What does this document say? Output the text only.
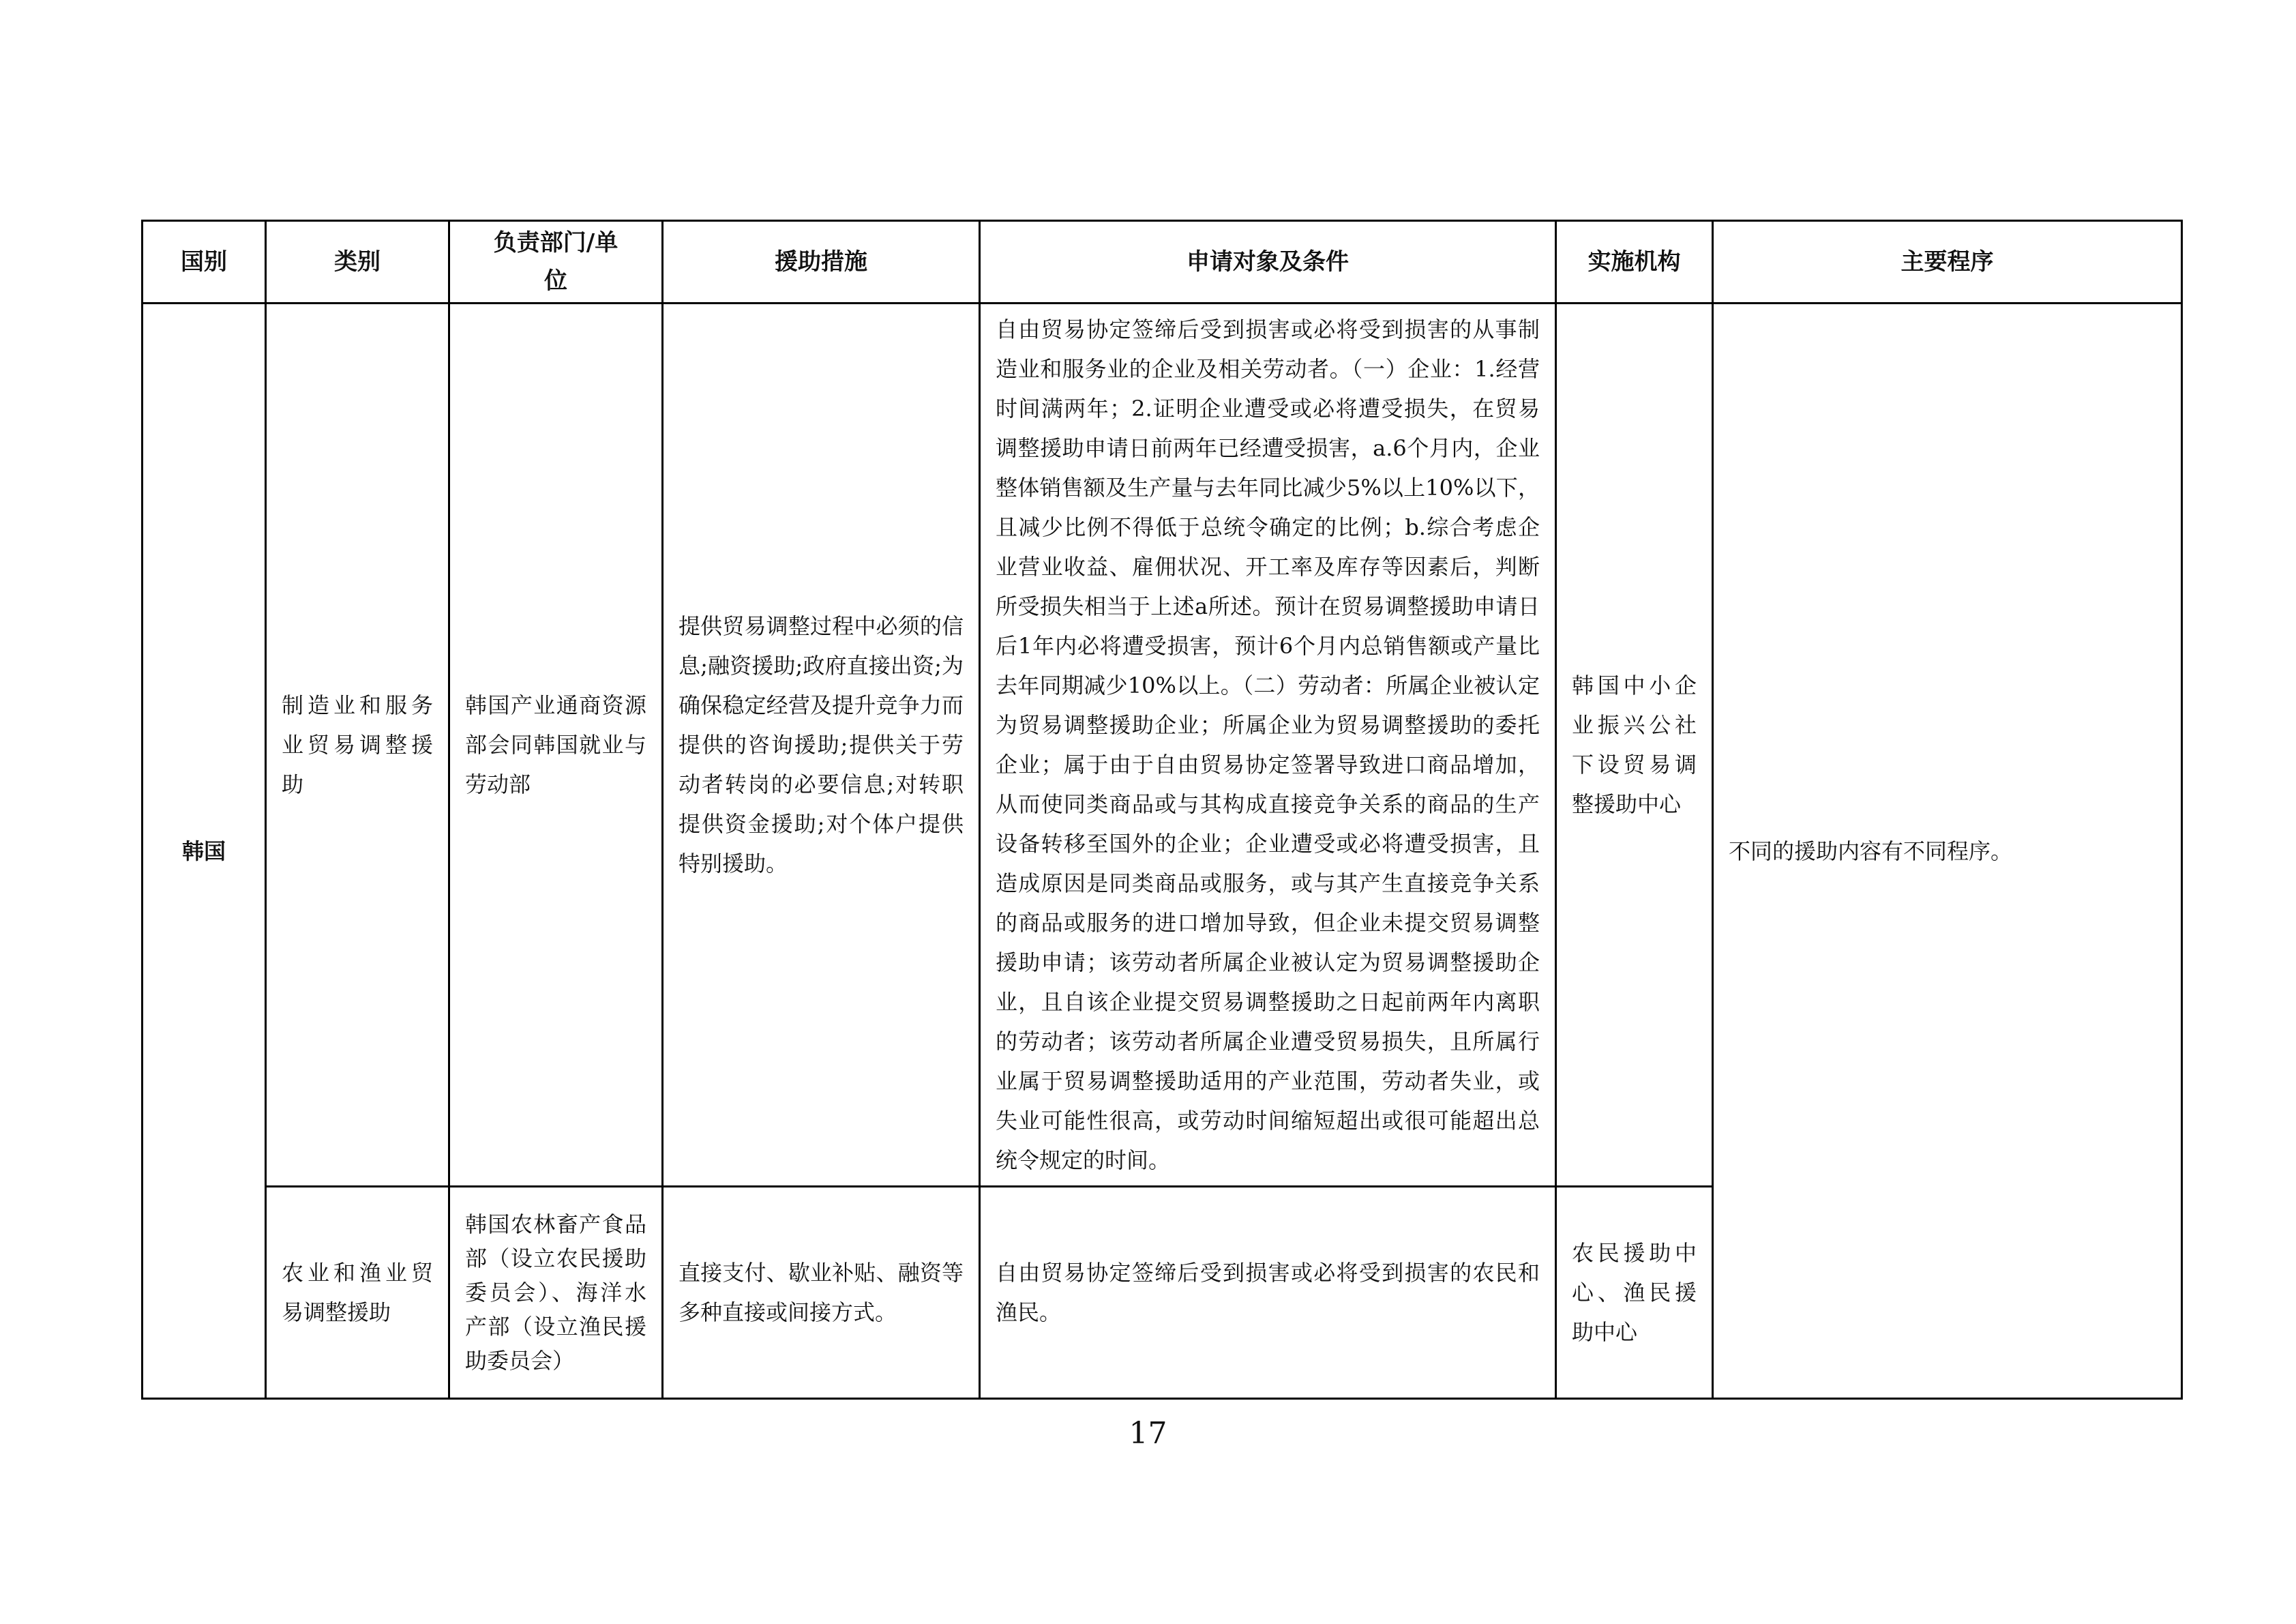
国别	类别	负责部门/单位	援助措施	申请对象及条件	实施机构	主要程序
韩国	制造业和服务业贸易调整援助	韩国产业通商资源部会同韩国就业与劳动部	提供贸易调整过程中必须的信息;融资援助;政府直接出资;为确保稳定经营及提升竞争力而提供的咨询援助;提供关于劳动者转岗的必要信息;对转职提供资金援助;对个体户提供特别援助。	自由贸易协定签缔后受到损害或必将受到损害的从事制造业和服务业的企业及相关劳动者。（一）企业：1.经营时间满两年；2.证明企业遭受或必将遭受损失，在贸易调整援助申请日前两年已经遭受损害，a.6个月内，企业整体销售额及生产量与去年同比减少5%以上10%以下，且减少比例不得低于总统令确定的比例；b.综合考虑企业营业收益、雇佣状况、开工率及库存等因素后，判断所受损失相当于上述a所述。预计在贸易调整援助申请日后1年内必将遭受损害，预计6个月内总销售额或产量比去年同期减少10%以上。（二）劳动者：所属企业被认定为贸易调整援助企业；所属企业为贸易调整援助的委托企业；属于由于自由贸易协定签署导致进口商品增加，从而使同类商品或与其构成直接竞争关系的商品的生产设备转移至国外的企业；企业遭受或必将遭受损害，且造成原因是同类商品或服务，或与其产生直接竞争关系的商品或服务的进口增加导致，但企业未提交贸易调整援助申请；该劳动者所属企业被认定为贸易调整援助企业，且自该企业提交贸易调整援助之日起前两年内离职的劳动者；该劳动者所属企业遭受贸易损失，且所属行业属于贸易调整援助适用的产业范围，劳动者失业，或失业可能性很高，或劳动时间缩短超出或很可能超出总统令规定的时间。	韩国中小企业振兴公社下设贸易调整援助中心	不同的援助内容有不同程序。
	农业和渔业贸易调整援助	韩国农林畜产食品部（设立农民援助委员会）、海洋水产部（设立渔民援助委员会）	直接支付、歇业补贴、融资等多种直接或间接方式。	自由贸易协定签缔后受到损害或必将受到损害的农民和渔民。	农民援助中心、渔民援助中心	
17
